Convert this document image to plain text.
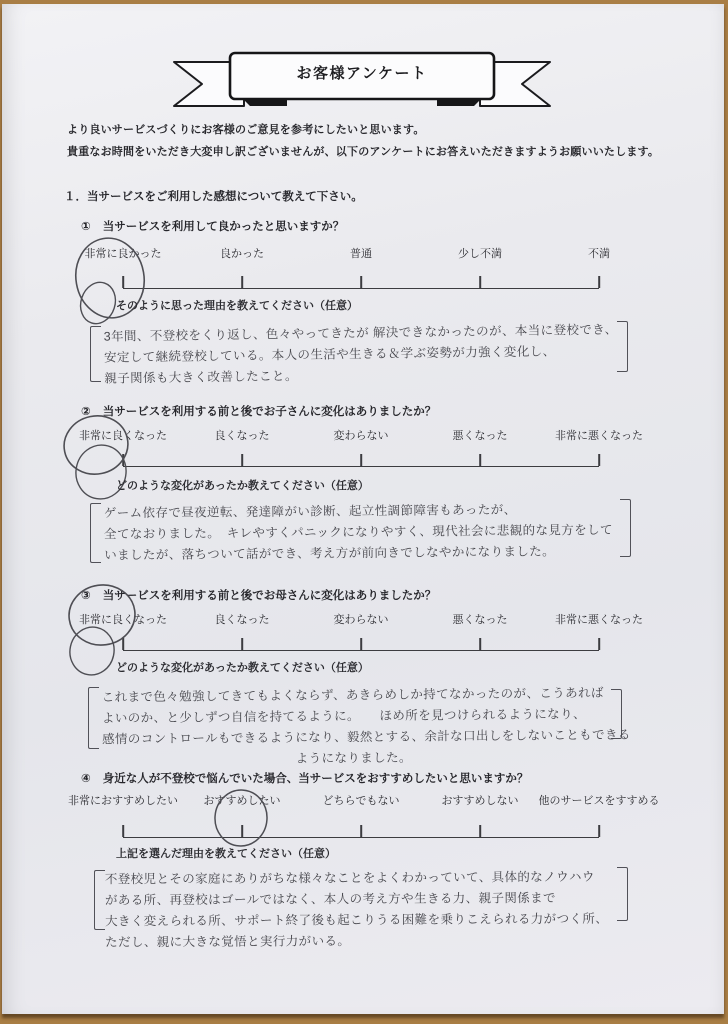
お客様アンケート
より良いサービスづくりにお客様のご意見を参考にしたいと思います。
貴重なお時間をいただき大変申し訳ございませんが、以下のアンケートにお答えいただきますようお願いいたします。
１．当サービスをご利用した感想について教えて下さい。
① 当サービスを利用して良かったと思いますか？
非常に良かった	良かった	普通	少し不満	不満
そのように思った理由を教えてください（任意）
3年間、不登校をくり返し、色々やってきたが 解決できなかったのが、本当に登校でき、
安定して継続登校している。本人の生活や生きる＆学ぶ姿勢が力強く変化し、
親子関係も大きく改善したこと。
② 当サービスを利用する前と後でお子さんに変化はありましたか？
非常に良くなった	良くなった	変わらない	悪くなった	非常に悪くなった
どのような変化があったか教えてください（任意）
ゲーム依存で昼夜逆転、発達障がい診断、起立性調節障害もあったが、
全てなおりました。　キレやすくパニックになりやすく、現代社会に悲観的な見方をして
いましたが、落ちついて話ができ、考え方が前向きでしなやかになりました。
③ 当サービスを利用する前と後でお母さんに変化はありましたか？
非常に良くなった	良くなった	変わらない	悪くなった	非常に悪くなった
どのような変化があったか教えてください（任意）
これまで色々勉強してきてもよくならず、あきらめしか持てなかったのが、こうあれば
よいのか、と少しずつ自信を持てるように。　　ほめ所を見つけられるようになり、
感情のコントロールもできるようになり、毅然とする、余計な口出しをしないこともできる
　　　　　　　　　　　　　　　ようになりました。
④ 身近な人が不登校で悩んでいた場合、当サービスをおすすめしたいと思いますか？
非常におすすめしたい おすすめしたい	どちらでもない	おすすめしない 他のサービスをすすめる
上記を選んだ理由を教えてください（任意）
不登校児とその家庭にありがちな様々なことをよくわかっていて、具体的なノウハウ
がある所、再登校はゴールではなく、本人の考え方や生きる力、親子関係まで
大きく変えられる所、サポート終了後も起こりうる困難を乗りこえられる力がつく所、
ただし、親に大きな覚悟と実行力がいる。
